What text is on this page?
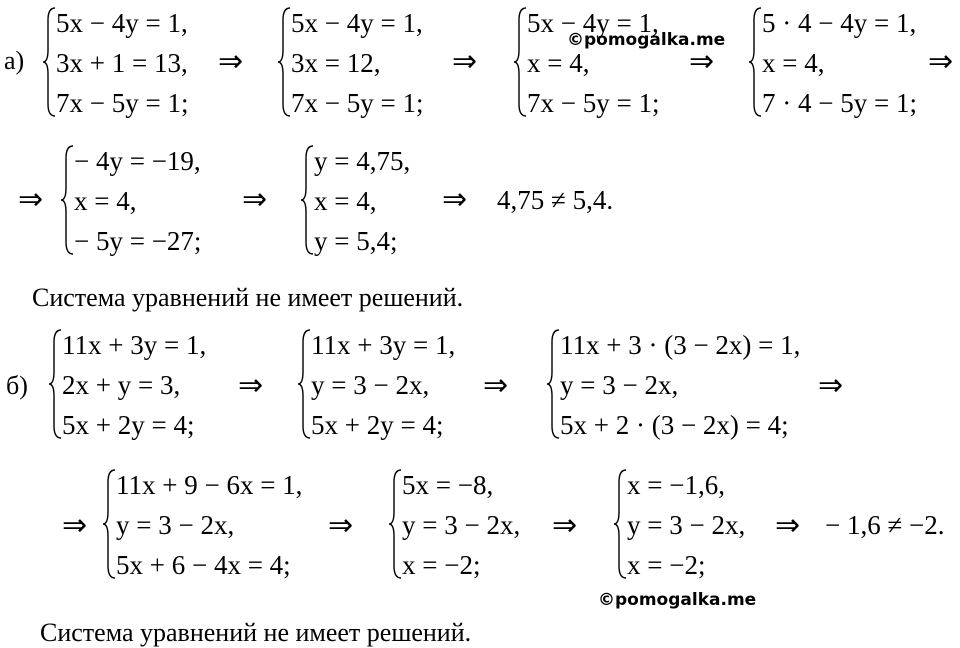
а)
5x − 4y = 1,
3x + 1 = 13,
7x − 5y = 1;
⇒
5x − 4y = 1,
3x = 12,
7x − 5y = 1;
⇒
5x − 4y = 1,
x = 4,
7x − 5y = 1;
©pomogalka.me
⇒
5 · 4 − 4y = 1,
x = 4,
7 · 4 − 5y = 1;
⇒
⇒
− 4y = −19,
x = 4,
− 5y = −27;
⇒
y = 4,75,
x = 4,
y = 5,4;
⇒ 4,75 ≠ 5,4.
Система уравнений не имеет решений.
б)
11x + 3y = 1,
2x + y = 3,
5x + 2y = 4;
⇒
11x + 3y = 1,
y = 3 − 2x,
5x + 2y = 4;
⇒
11x + 3 · (3 − 2x) = 1,
y = 3 − 2x,
5x + 2 · (3 − 2x) = 4;
⇒
⇒
11x + 9 − 6x = 1,
y = 3 − 2x,
5x + 6 − 4x = 4;
⇒
5x = −8,
y = 3 − 2x,
x = −2;
⇒
x = −1,6,
y = 3 − 2x,
x = −2;
⇒ − 1,6 ≠ −2.
©pomogalka.me
Система уравнений не имеет решений.
